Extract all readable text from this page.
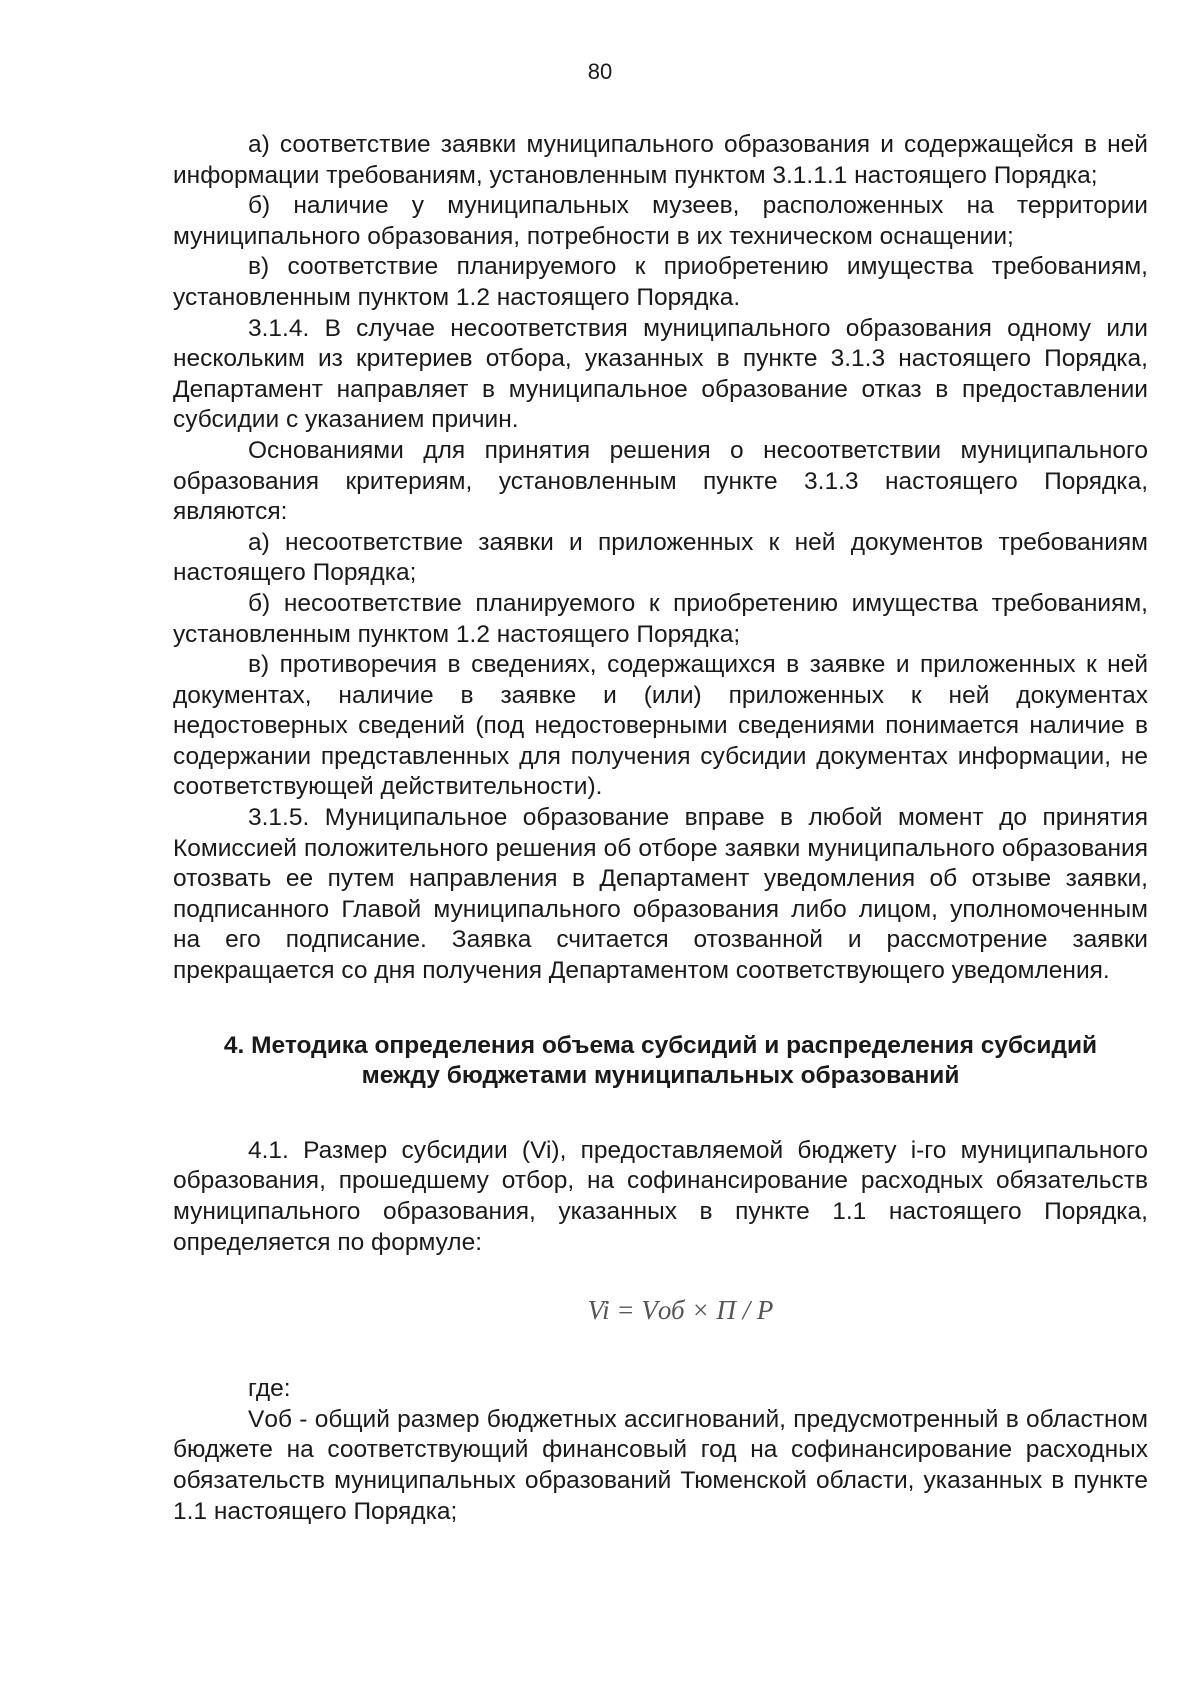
80

а) соответствие заявки муниципального образования и содержащейся в ней информации требованиям, установленным пунктом 3.1.1.1 настоящего Порядка;

б) наличие у муниципальных музеев, расположенных на территории муниципального образования, потребности в их техническом оснащении;

в) соответствие планируемого к приобретению имущества требованиям, установленным пунктом 1.2 настоящего Порядка.

3.1.4. В случае несоответствия муниципального образования одному или нескольким из критериев отбора, указанных в пункте 3.1.3 настоящего Порядка, Департамент направляет в муниципальное образование отказ в предоставлении субсидии с указанием причин.

Основаниями для принятия решения о несоответствии муниципального образования критериям, установленным пункте 3.1.3 настоящего Порядка, являются:

а) несоответствие заявки и приложенных к ней документов требованиям настоящего Порядка;

б) несоответствие планируемого к приобретению имущества требованиям, установленным пунктом 1.2 настоящего Порядка;

в) противоречия в сведениях, содержащихся в заявке и приложенных к ней документах, наличие в заявке и (или) приложенных к ней документах недостоверных сведений (под недостоверными сведениями понимается наличие в содержании представленных для получения субсидии документах информации, не соответствующей действительности).

3.1.5. Муниципальное образование вправе в любой момент до принятия Комиссией положительного решения об отборе заявки муниципального образования отозвать ее путем направления в Департамент уведомления об отзыве заявки, подписанного Главой муниципального образования либо лицом, уполномоченным на его подписание. Заявка считается отозванной и рассмотрение заявки прекращается со дня получения Департаментом соответствующего уведомления.

4. Методика определения объема субсидий и распределения субсидий
между бюджетами муниципальных образований

4.1. Размер субсидии (Vi), предоставляемой бюджету i-го муниципального образования, прошедшему отбор, на софинансирование расходных обязательств муниципального образования, указанных в пункте 1.1 настоящего Порядка, определяется по формуле:

Vi = Vоб × П / P

где:

Vоб - общий размер бюджетных ассигнований, предусмотренный в областном бюджете на соответствующий финансовый год на софинансирование расходных обязательств муниципальных образований Тюменской области, указанных в пункте 1.1 настоящего Порядка;
